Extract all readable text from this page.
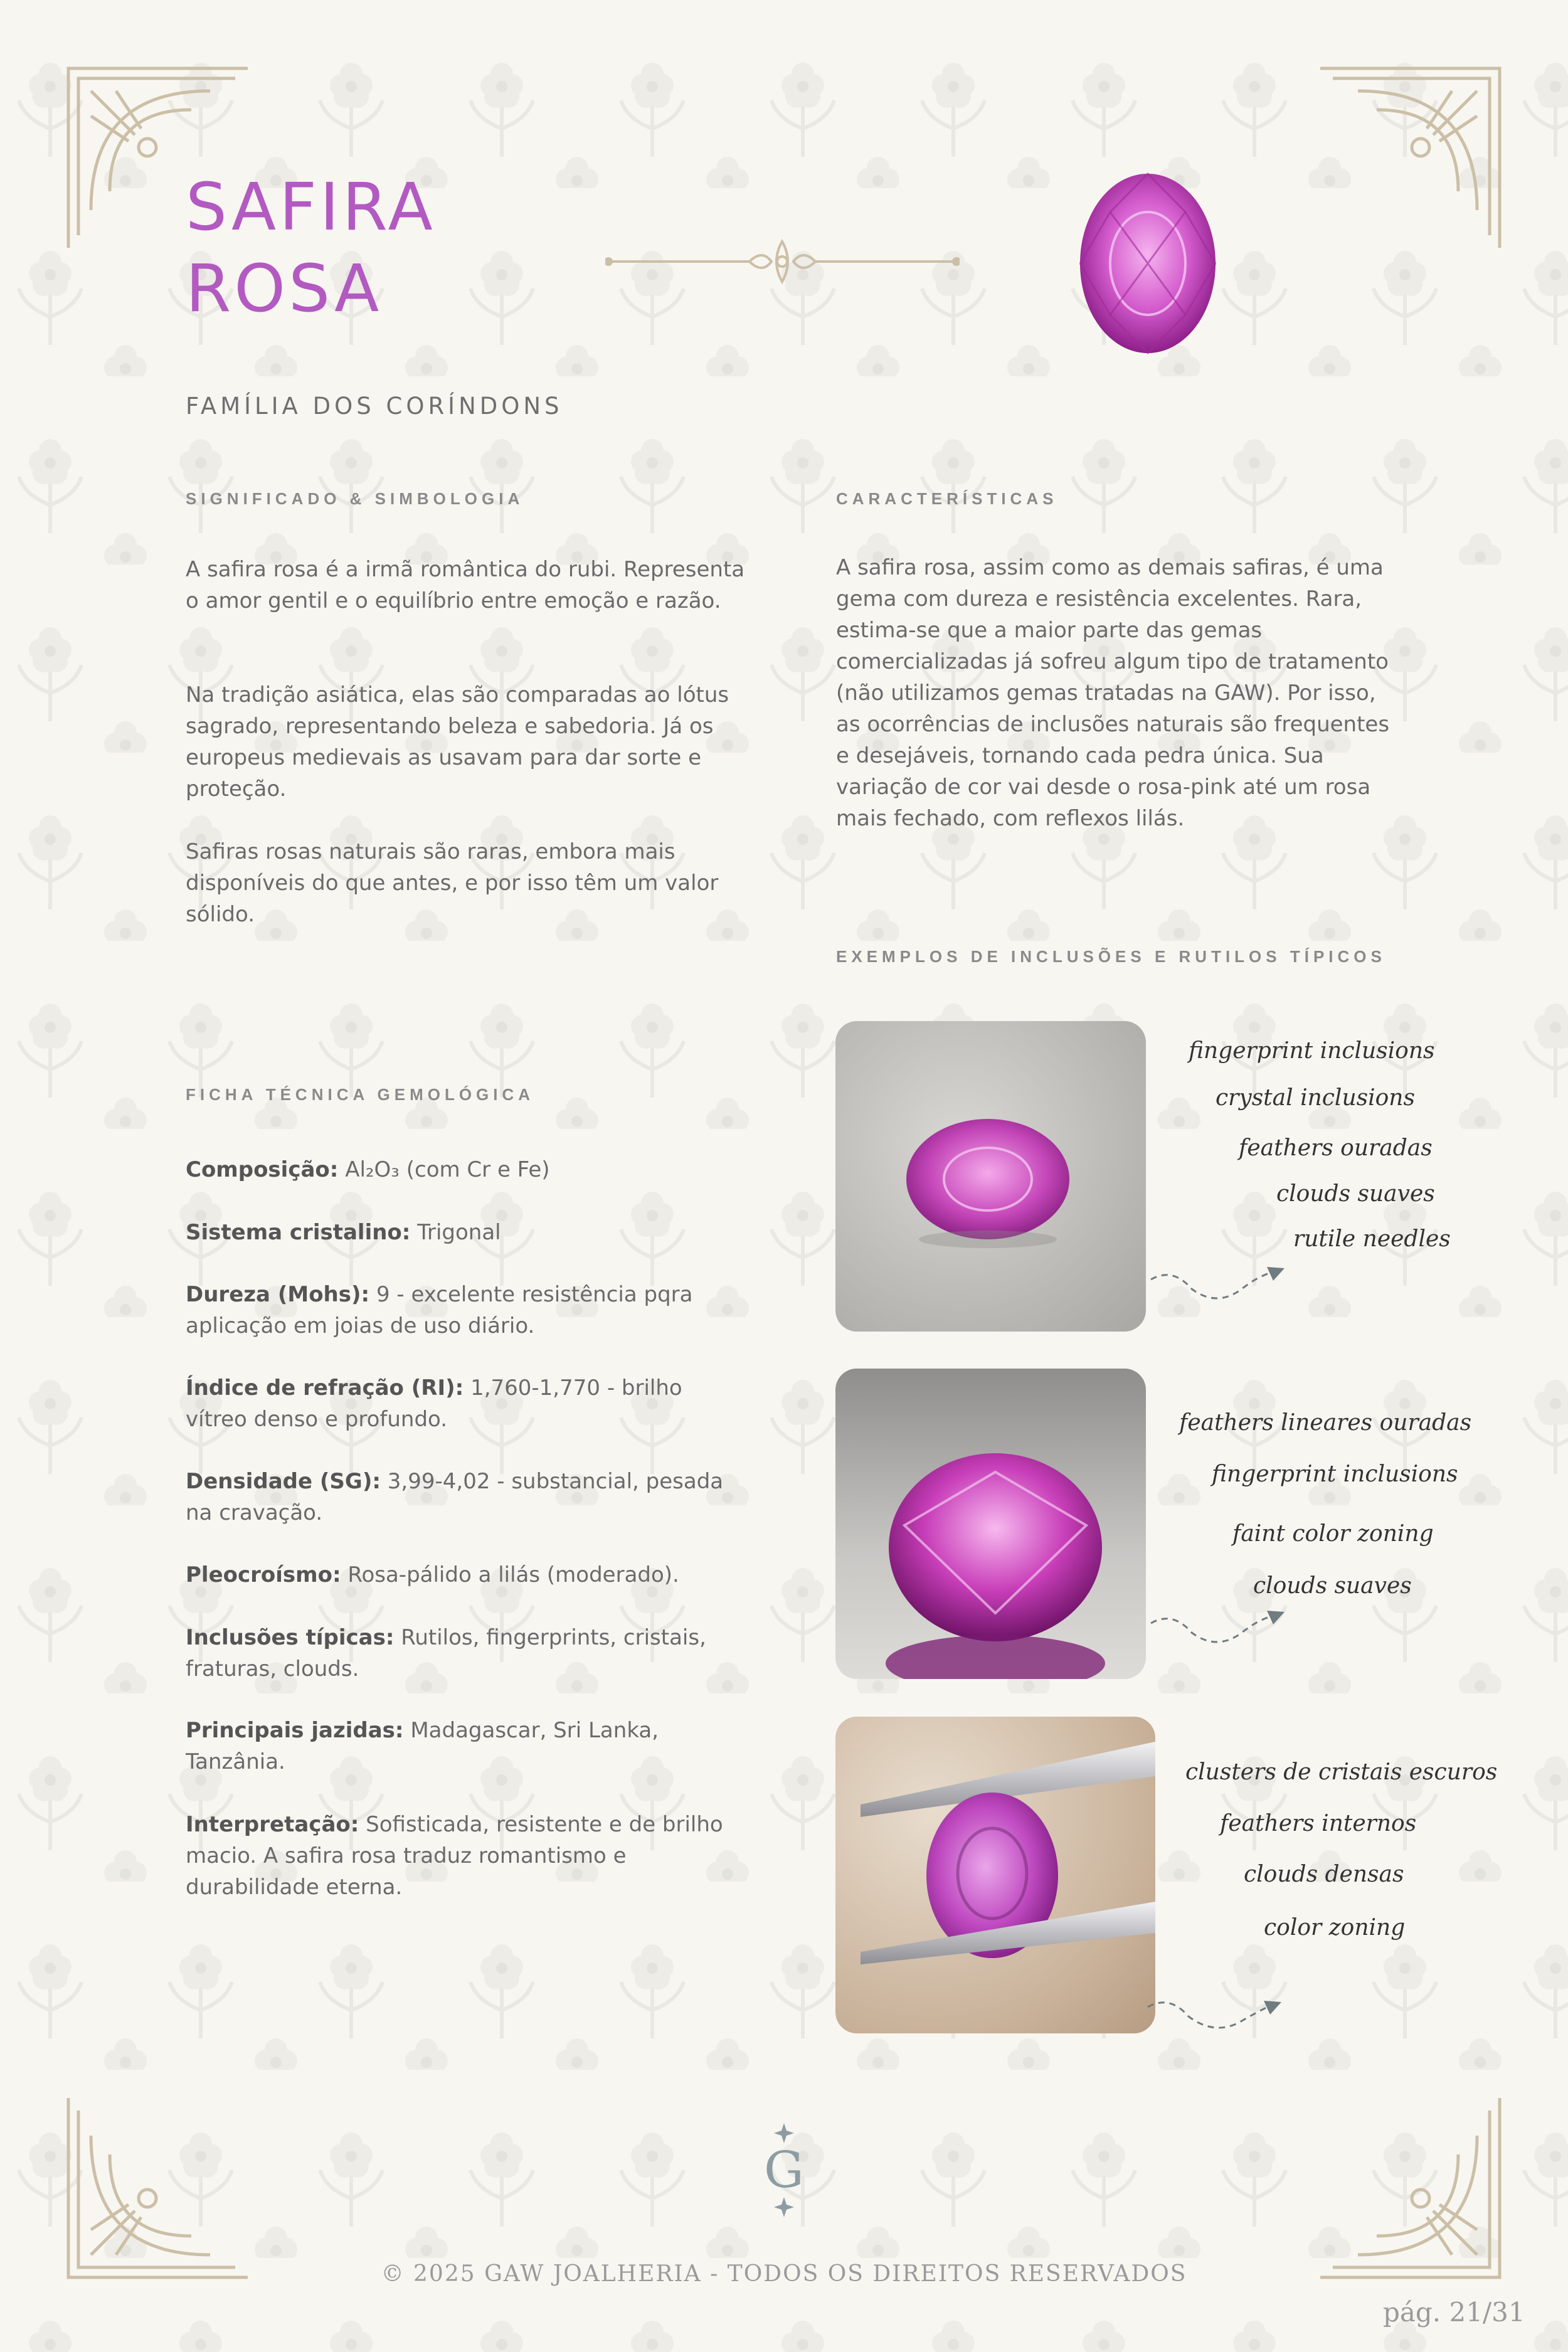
SAFIRA
ROSA
FAMÍLIA DOS CORÍNDONS
SIGNIFICADO & SIMBOLOGIA

A safira rosa é a irmã romântica do rubi. Representa o amor gentil e o equilíbrio entre emoção e razão.

Na tradição asiática, elas são comparadas ao lótus sagrado, representando beleza e sabedoria. Já os europeus medievais as usavam para dar sorte e proteção.

Safiras rosas naturais são raras, embora mais disponíveis do que antes, e por isso têm um valor sólido.

CARACTERÍSTICAS

A safira rosa, assim como as demais safiras, é uma gema com dureza e resistência excelentes. Rara, estima-se que a maior parte das gemas comercializadas já sofreu algum tipo de tratamento (não utilizamos gemas tratadas na GAW). Por isso, as ocorrências de inclusões naturais são frequentes e desejáveis, tornando cada pedra única. Sua variação de cor vai desde o rosa-pink até um rosa mais fechado, com reflexos lilás.

EXEMPLOS DE INCLUSÕES E RUTILOS TÍPICOS
FICHA TÉCNICA GEMOLÓGICA

Composição: Al₂O₃ (com Cr e Fe)

Sistema cristalino: Trigonal

Dureza (Mohs): 9 - excelente resistência pqra aplicação em joias de uso diário.

Índice de refração (RI): 1,760-1,770 - brilho vítreo denso e profundo.

Densidade (SG): 3,99-4,02 - substancial, pesada na cravação.

Pleocroísmo: Rosa-pálido a lilás (moderado).

Inclusões típicas: Rutilos, fingerprints, cristais, fraturas, clouds.

Principais jazidas: Madagascar, Sri Lanka, Tanzânia.

Interpretação: Sofisticada, resistente e de brilho macio. A safira rosa traduz romantismo e durabilidade eterna.

fingerprint inclusions
crystal inclusions
feathers ouradas
clouds suaves
rutile needles
feathers lineares ouradas
fingerprint inclusions
faint color zoning
clouds suaves
clusters de cristais escuros
feathers internos
clouds densas
color zoning
G
© 2025 GAW JOALHERIA - TODOS OS DIREITOS RESERVADOS
pág. 21/31
